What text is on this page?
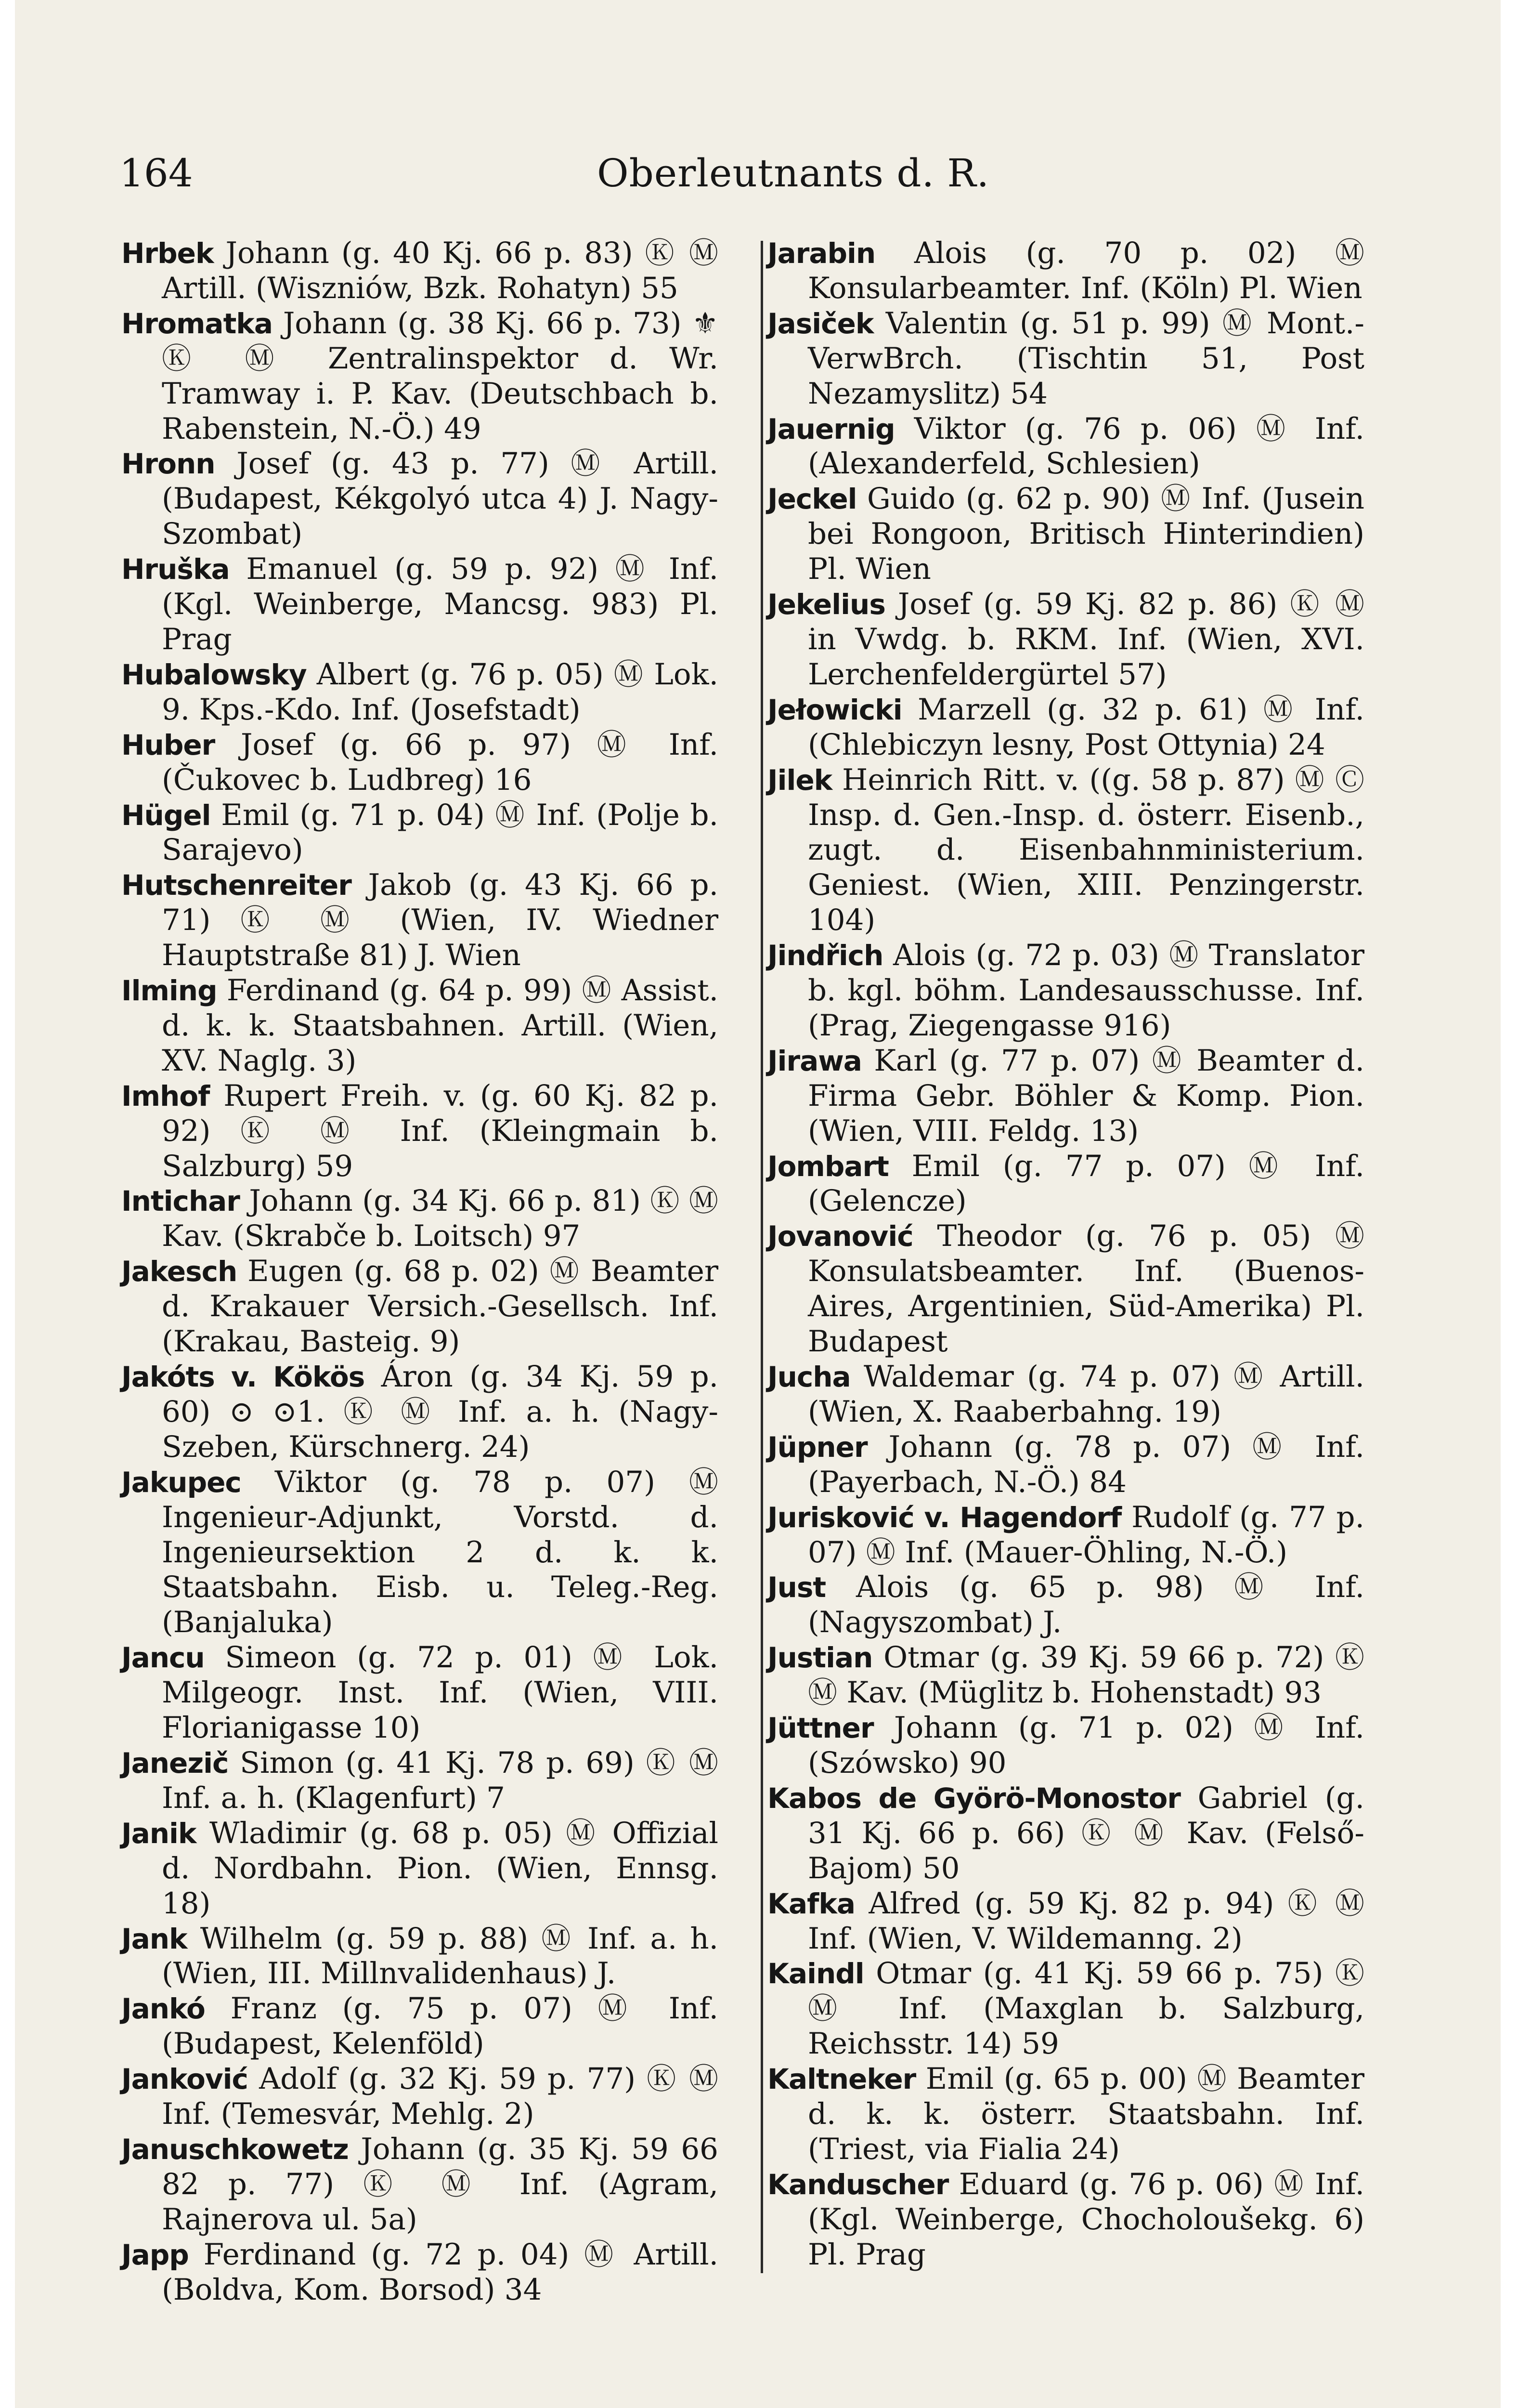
164	Oberleutnants d. R.

Hrbek Johann (g. 40 Kj. 66 p. 83) Ⓚ Ⓜ Artill. (Wiszniów, Bzk. Rohatyn) 55

Hromatka Johann (g. 38 Kj. 66 p. 73) ⚜ Ⓚ Ⓜ Zentralinspektor d. Wr. Tramway i. P. Kav. (Deutschbach b. Rabenstein, N.-Ö.) 49

Hronn Josef (g. 43 p. 77) Ⓜ Artill. (Budapest, Kékgolyó utca 4) J. Nagy-Szombat)

Hruška Emanuel (g. 59 p. 92) Ⓜ Inf. (Kgl. Weinberge, Mancsg. 983) Pl. Prag

Hubalowsky Albert (g. 76 p. 05) Ⓜ Lok. 9. Kps.-Kdo. Inf. (Josefstadt)

Huber Josef (g. 66 p. 97) Ⓜ Inf. (Čukovec b. Ludbreg) 16

Hügel Emil (g. 71 p. 04) Ⓜ Inf. (Polje b. Sarajevo)

Hutschenreiter Jakob (g. 43 Kj. 66 p. 71) Ⓚ Ⓜ (Wien, IV. Wiedner Hauptstraße 81) J. Wien

Ilming Ferdinand (g. 64 p. 99) Ⓜ Assist. d. k. k. Staatsbahnen. Artill. (Wien, XV. Naglg. 3)

Imhof Rupert Freih. v. (g. 60 Kj. 82 p. 92) Ⓚ Ⓜ Inf. (Kleingmain b. Salzburg) 59

Intichar Johann (g. 34 Kj. 66 p. 81) Ⓚ Ⓜ Kav. (Skrabče b. Loitsch) 97

Jakesch Eugen (g. 68 p. 02) Ⓜ Beamter d. Krakauer Versich.-Gesellsch. Inf. (Krakau, Basteig. 9)

Jakóts v. Kökös Áron (g. 34 Kj. 59 p. 60) ⊙ ⊙1. Ⓚ Ⓜ Inf. a. h. (Nagy-Szeben, Kürschnerg. 24)

Jakupec Viktor (g. 78 p. 07) Ⓜ Ingenieur-Adjunkt, Vorstd. d. Ingenieursektion 2 d. k. k. Staatsbahn. Eisb. u. Teleg.-Reg. (Banjaluka)

Jancu Simeon (g. 72 p. 01) Ⓜ Lok. Milgeogr. Inst. Inf. (Wien, VIII. Florianigasse 10)

Janezič Simon (g. 41 Kj. 78 p. 69) Ⓚ Ⓜ Inf. a. h. (Klagenfurt) 7

Janik Wladimir (g. 68 p. 05) Ⓜ Offizial d. Nordbahn. Pion. (Wien, Ennsg. 18)

Jank Wilhelm (g. 59 p. 88) Ⓜ Inf. a. h. (Wien, III. Millnvalidenhaus) J.

Jankó Franz (g. 75 p. 07) Ⓜ Inf. (Budapest, Kelenföld)

Janković Adolf (g. 32 Kj. 59 p. 77) Ⓚ Ⓜ Inf. (Temesvár, Mehlg. 2)

Januschkowetz Johann (g. 35 Kj. 59 66 82 p. 77) Ⓚ Ⓜ Inf. (Agram, Rajnerova ul. 5a)

Japp Ferdinand (g. 72 p. 04) Ⓜ Artill. (Boldva, Kom. Borsod) 34

Jarabin Alois (g. 70 p. 02) Ⓜ Konsularbeamter. Inf. (Köln) Pl. Wien

Jasiček Valentin (g. 51 p. 99) Ⓜ Mont.-VerwBrch. (Tischtin 51, Post Nezamyslitz) 54

Jauernig Viktor (g. 76 p. 06) Ⓜ Inf. (Alexanderfeld, Schlesien)

Jeckel Guido (g. 62 p. 90) Ⓜ Inf. (Jusein bei Rongoon, Britisch Hinterindien) Pl. Wien

Jekelius Josef (g. 59 Kj. 82 p. 86) Ⓚ Ⓜ in Vwdg. b. RKM. Inf. (Wien, XVI. Lerchenfeldergürtel 57)

Jełowicki Marzell (g. 32 p. 61) Ⓜ Inf. (Chlebiczyn lesny, Post Ottynia) 24

Jilek Heinrich Ritt. v. ((g. 58 p. 87) Ⓜ Ⓒ Insp. d. Gen.-Insp. d. österr. Eisenb., zugt. d. Eisenbahnministerium. Geniest. (Wien, XIII. Penzingerstr. 104)

Jindřich Alois (g. 72 p. 03) Ⓜ Translator b. kgl. böhm. Landesausschusse. Inf. (Prag, Ziegengasse 916)

Jirawa Karl (g. 77 p. 07) Ⓜ Beamter d. Firma Gebr. Böhler & Komp. Pion. (Wien, VIII. Feldg. 13)

Jombart Emil (g. 77 p. 07) Ⓜ Inf. (Gelencze)

Jovanović Theodor (g. 76 p. 05) Ⓜ Konsulatsbeamter. Inf. (Buenos-Aires, Argentinien, Süd-Amerika) Pl. Budapest

Jucha Waldemar (g. 74 p. 07) Ⓜ Artill. (Wien, X. Raaberbahng. 19)

Jüpner Johann (g. 78 p. 07) Ⓜ Inf. (Payerbach, N.-Ö.) 84

Jurisković v. Hagendorf Rudolf (g. 77 p. 07) Ⓜ Inf. (Mauer-Öhling, N.-Ö.)

Just Alois (g. 65 p. 98) Ⓜ Inf. (Nagyszombat) J.

Justian Otmar (g. 39 Kj. 59 66 p. 72) Ⓚ Ⓜ Kav. (Müglitz b. Hohenstadt) 93

Jüttner Johann (g. 71 p. 02) Ⓜ Inf. (Szówsko) 90

Kabos de Györö-Monostor Gabriel (g. 31 Kj. 66 p. 66) Ⓚ Ⓜ Kav. (Felső-Bajom) 50

Kafka Alfred (g. 59 Kj. 82 p. 94) Ⓚ Ⓜ Inf. (Wien, V. Wildemanng. 2)

Kaindl Otmar (g. 41 Kj. 59 66 p. 75) Ⓚ Ⓜ Inf. (Maxglan b. Salzburg, Reichsstr. 14) 59

Kaltneker Emil (g. 65 p. 00) Ⓜ Beamter d. k. k. österr. Staatsbahn. Inf. (Triest, via Fialia 24)

Kanduscher Eduard (g. 76 p. 06) Ⓜ Inf. (Kgl. Weinberge, Chocholoušekg. 6) Pl. Prag
